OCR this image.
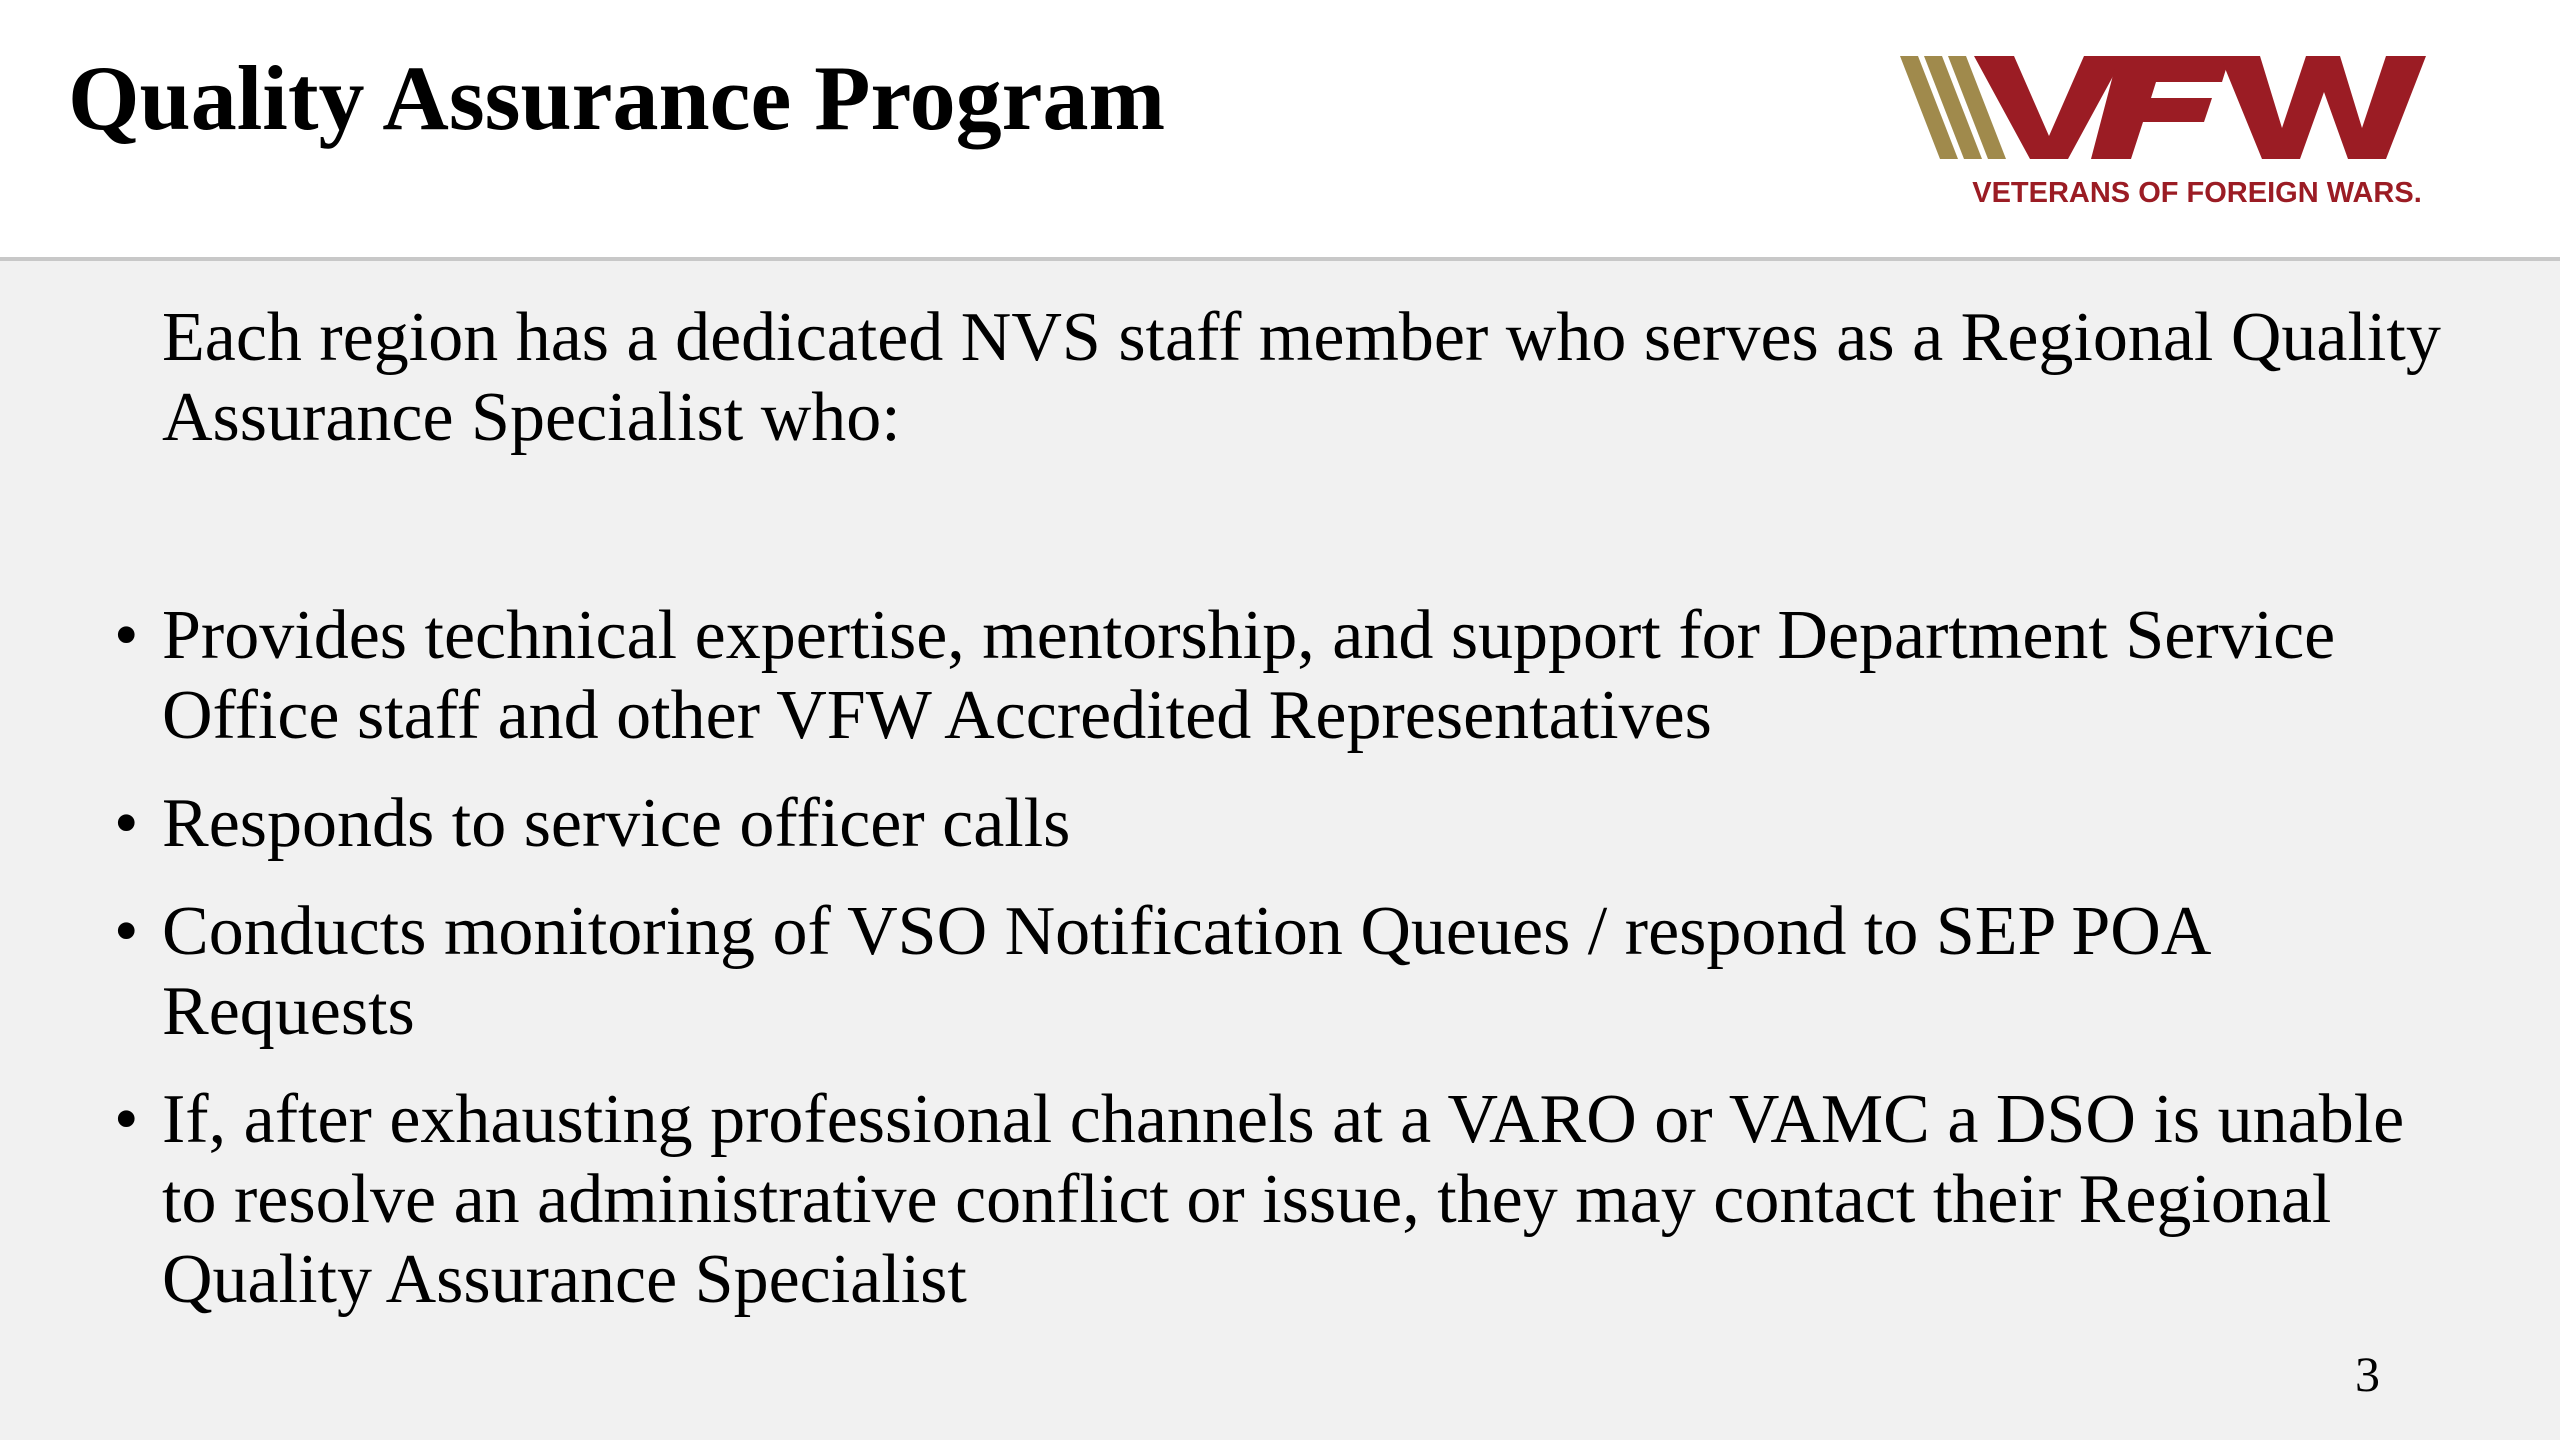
Quality Assurance Program
VETERANS OF FOREIGN WARS.

Each region has a dedicated NVS staff member who serves as a Regional Quality Assurance Specialist who:

• Provides technical expertise, mentorship, and support for Department Service Office staff and other VFW Accredited Representatives
• Responds to service officer calls
• Conducts monitoring of VSO Notification Queues / respond to SEP POA Requests
• If, after exhausting professional channels at a VARO or VAMC a DSO is unable to resolve an administrative conflict or issue, they may contact their Regional Quality Assurance Specialist
3
